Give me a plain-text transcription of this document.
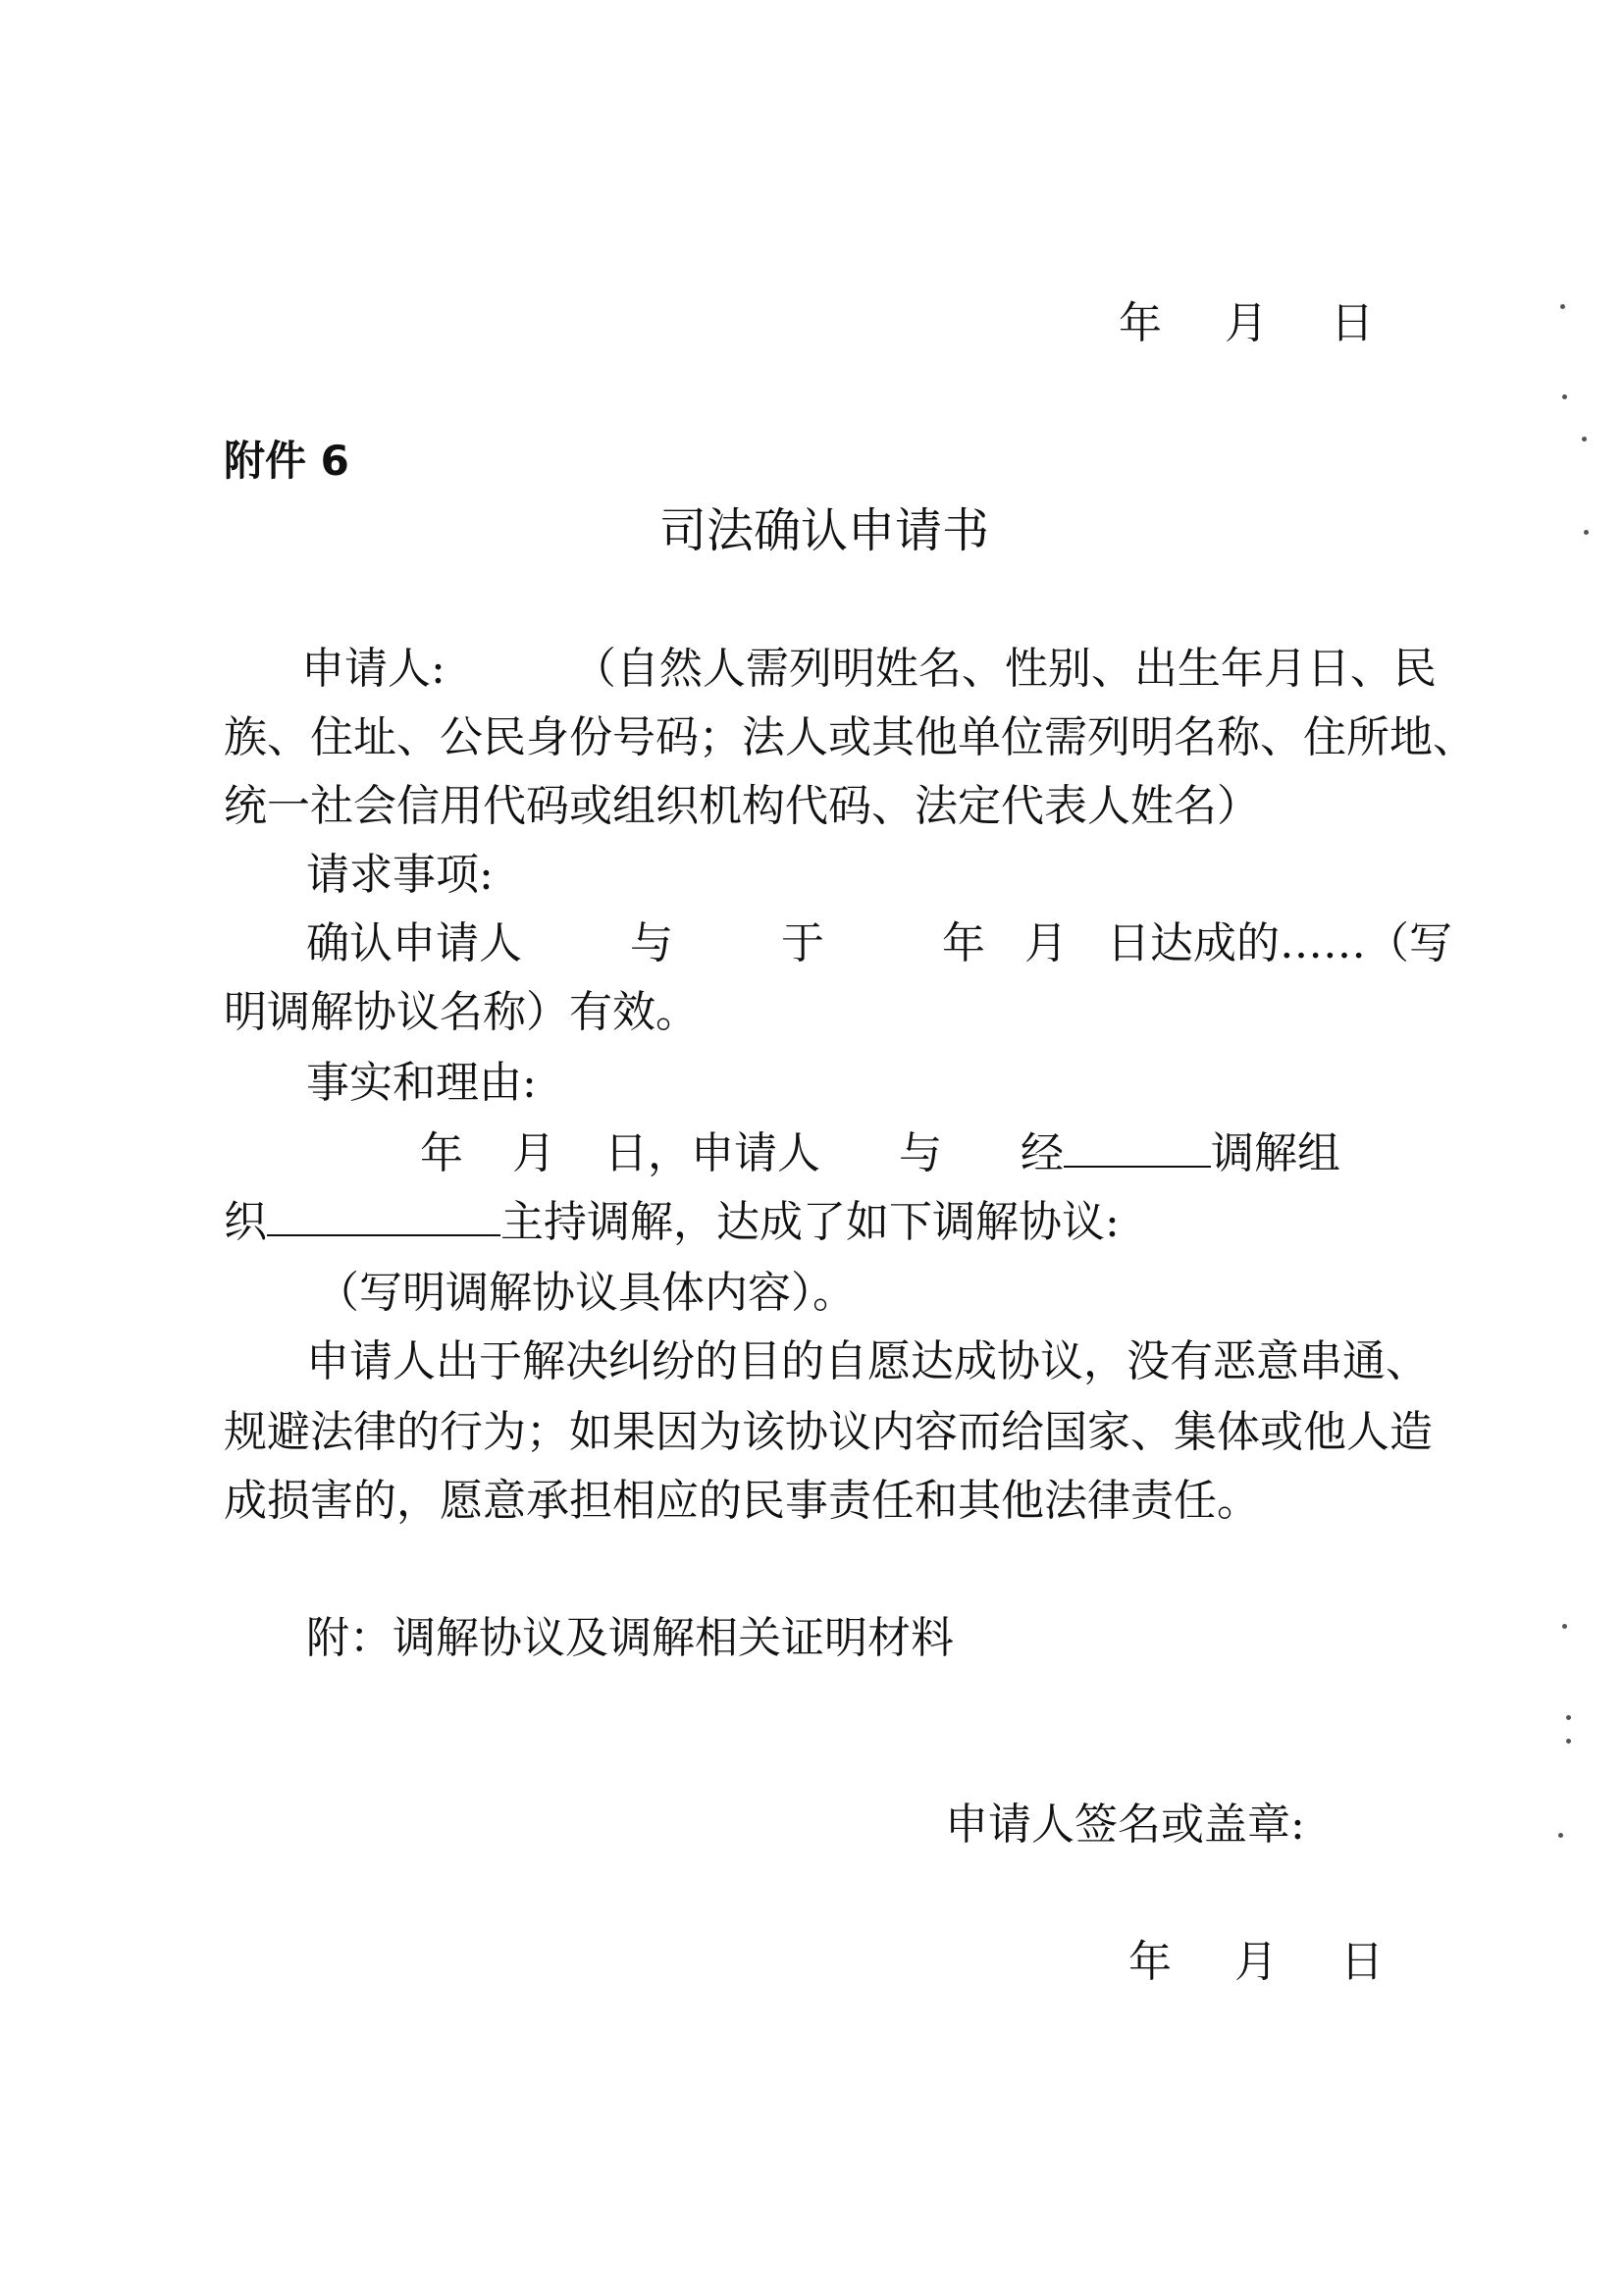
年 月 日
附件 6
司法确认申请书
申请人:	（自然人需列明姓名、性别、出生年月日、民
族、住址、公民身份号码；法人或其他单位需列明名称、住所地、
统一社会信用代码或组织机构代码、法定代表人姓名）
请求事项:
确认申请人	与	于	年 月 日达成的……（写
明调解协议名称）有效。
事实和理由:
年 月 日，申请人 与 经	调解组
织	主持调解，达成了如下调解协议:
（写明调解协议具体内容）。
申请人出于解决纠纷的目的自愿达成协议，没有恶意串通、
规避法律的行为；如果因为该协议内容而给国家、集体或他人造
成损害的，愿意承担相应的民事责任和其他法律责任。
附：调解协议及调解相关证明材料
申请人签名或盖章:
年 月 日
